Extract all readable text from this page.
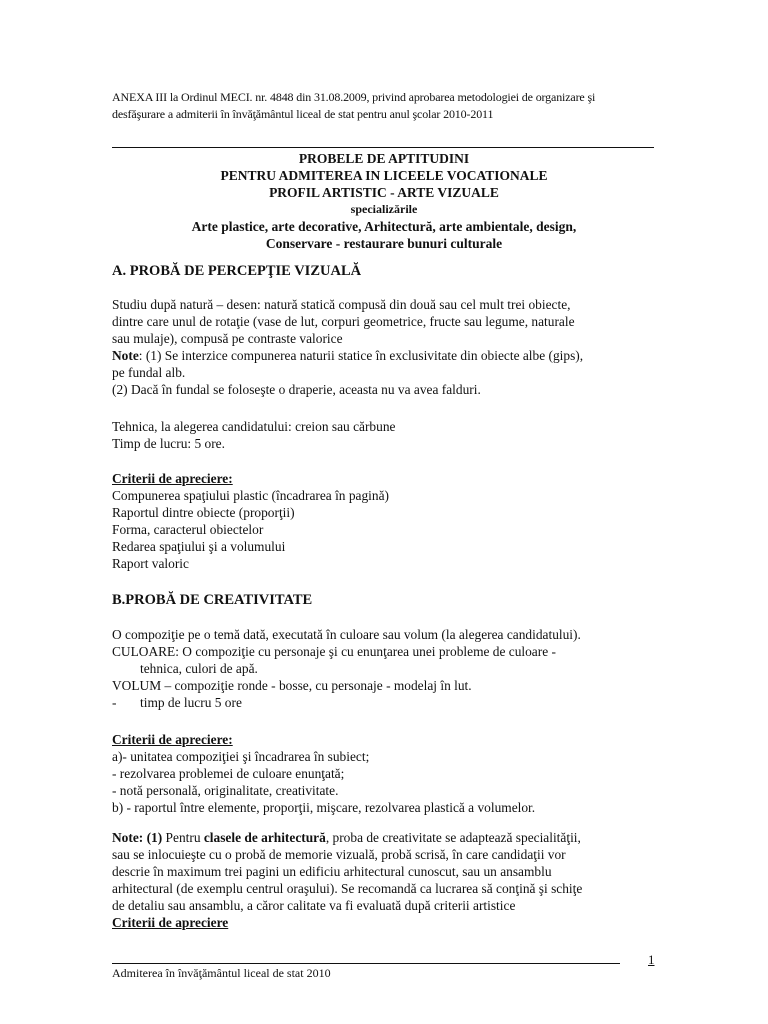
ANEXA III la Ordinul MECI. nr. 4848 din 31.08.2009, privind aprobarea metodologiei de organizare şi
desfăşurare a admiterii în învăţământul liceal de stat pentru anul şcolar 2010-2011
PROBELE DE APTITUDINI
PENTRU ADMITEREA IN LICEELE VOCATIONALE
PROFIL ARTISTIC - ARTE VIZUALE
specializările
Arte plastice, arte decorative, Arhitectură, arte ambientale, design,
Conservare - restaurare bunuri culturale
A. PROBĂ DE PERCEPŢIE VIZUALĂ
Studiu după natură – desen: natură statică compusă din două sau cel mult trei obiecte,
dintre care unul de rotaţie (vase de lut, corpuri geometrice, fructe sau legume, naturale
sau mulaje), compusă pe contraste valorice
Note: (1) Se interzice compunerea naturii statice în exclusivitate din obiecte albe (gips),
pe fundal alb.
(2) Dacă în fundal se foloseşte o draperie, aceasta nu va avea falduri.
Tehnica, la alegerea candidatului: creion sau cărbune
Timp de lucru: 5 ore.
Criterii de apreciere:
Compunerea spaţiului plastic (încadrarea în pagină)
Raportul dintre obiecte (proporţii)
Forma, caracterul obiectelor
Redarea spaţiului şi a volumului
Raport valoric
B.PROBĂ DE CREATIVITATE
O compoziţie pe o temă dată, executată în culoare sau volum (la alegerea candidatului).
CULOARE: O compoziţie cu personaje şi cu enunţarea unei probleme de culoare -
tehnica, culori de apă.
VOLUM – compoziţie ronde - bosse, cu personaje - modelaj în lut.
- timp de lucru 5 ore
Criterii de apreciere:
a)- unitatea compoziţiei şi încadrarea în subiect;
- rezolvarea problemei de culoare enunţată;
- notă personală, originalitate, creativitate.
b) - raportul între elemente, proporţii, mişcare, rezolvarea plastică a volumelor.
Note: (1) Pentru clasele de arhitectură, proba de creativitate se adaptează specialităţii,
sau se inlocuieşte cu o probă de memorie vizuală, probă scrisă, în care candidaţii vor
descrie în maximum trei pagini un edificiu arhitectural cunoscut, sau un ansamblu
arhitectural (de exemplu centrul oraşului). Se recomandă ca lucrarea să conţină şi schiţe
de detaliu sau ansamblu, a căror calitate va fi evaluată după criterii artistice
Criterii de apreciere
1
Admiterea în învăţământul liceal de stat 2010
